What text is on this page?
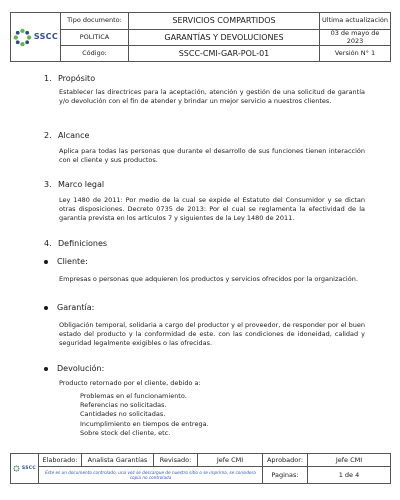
SSCC	Tipo documento:	SERVICIOS COMPARTIDOS	Ultima actualización
	POLITICA	GARANTÍAS Y DEVOLUCIONES	03 de mayo de 2023
	Código:	SSCC-CMI-GAR-POL-01	Versión N° 1
1. Propósito

Establecer las directrices para la aceptación, atención y gestión de una solicitud de garantía y/o devolución con el fin de atender y brindar un mejor servicio a nuestros clientes.

2. Alcance

Aplica para todas las personas que durante el desarrollo de sus funciones tienen interacción con el cliente y sus productos.

3. Marco legal

Ley 1480 de 2011: Por medio de la cual se expide el Estatuto del Consumidor y se dictan otras disposiciones. Decreto 0735 de 2013: Por el cual se reglamenta la efectividad de la garantía prevista en los artículos 7 y siguientes de la Ley 1480 de 2011.

4. Definiciones
Cliente:

Empresas o personas que adquieren los productos y servicios ofrecidos por la organización.

Garantía:

Obligación temporal, solidaria a cargo del productor y el proveedor, de responder por el buen estado del producto y la conformidad de este. con las condiciones de idoneidad, calidad y seguridad legalmente exigibles o las ofrecidas.

Devolución:

Producto retornado por el cliente, debido a:

Problemas en el funcionamiento.
Referencias no solicitadas.
Cantidades no solicitadas.
Incumplimiento en tiempos de entrega.
Sobre stock del cliente, etc.
SSCC	Elaborado:	Analista Garantías	Revisado:	Jefe CMI	Aprobador:	Jefe CMI
	Este es un documento controlado, una vez se descargue de nuestro sitio o se imprima, se considera copia no controlada				Paginas:	1 de 4
